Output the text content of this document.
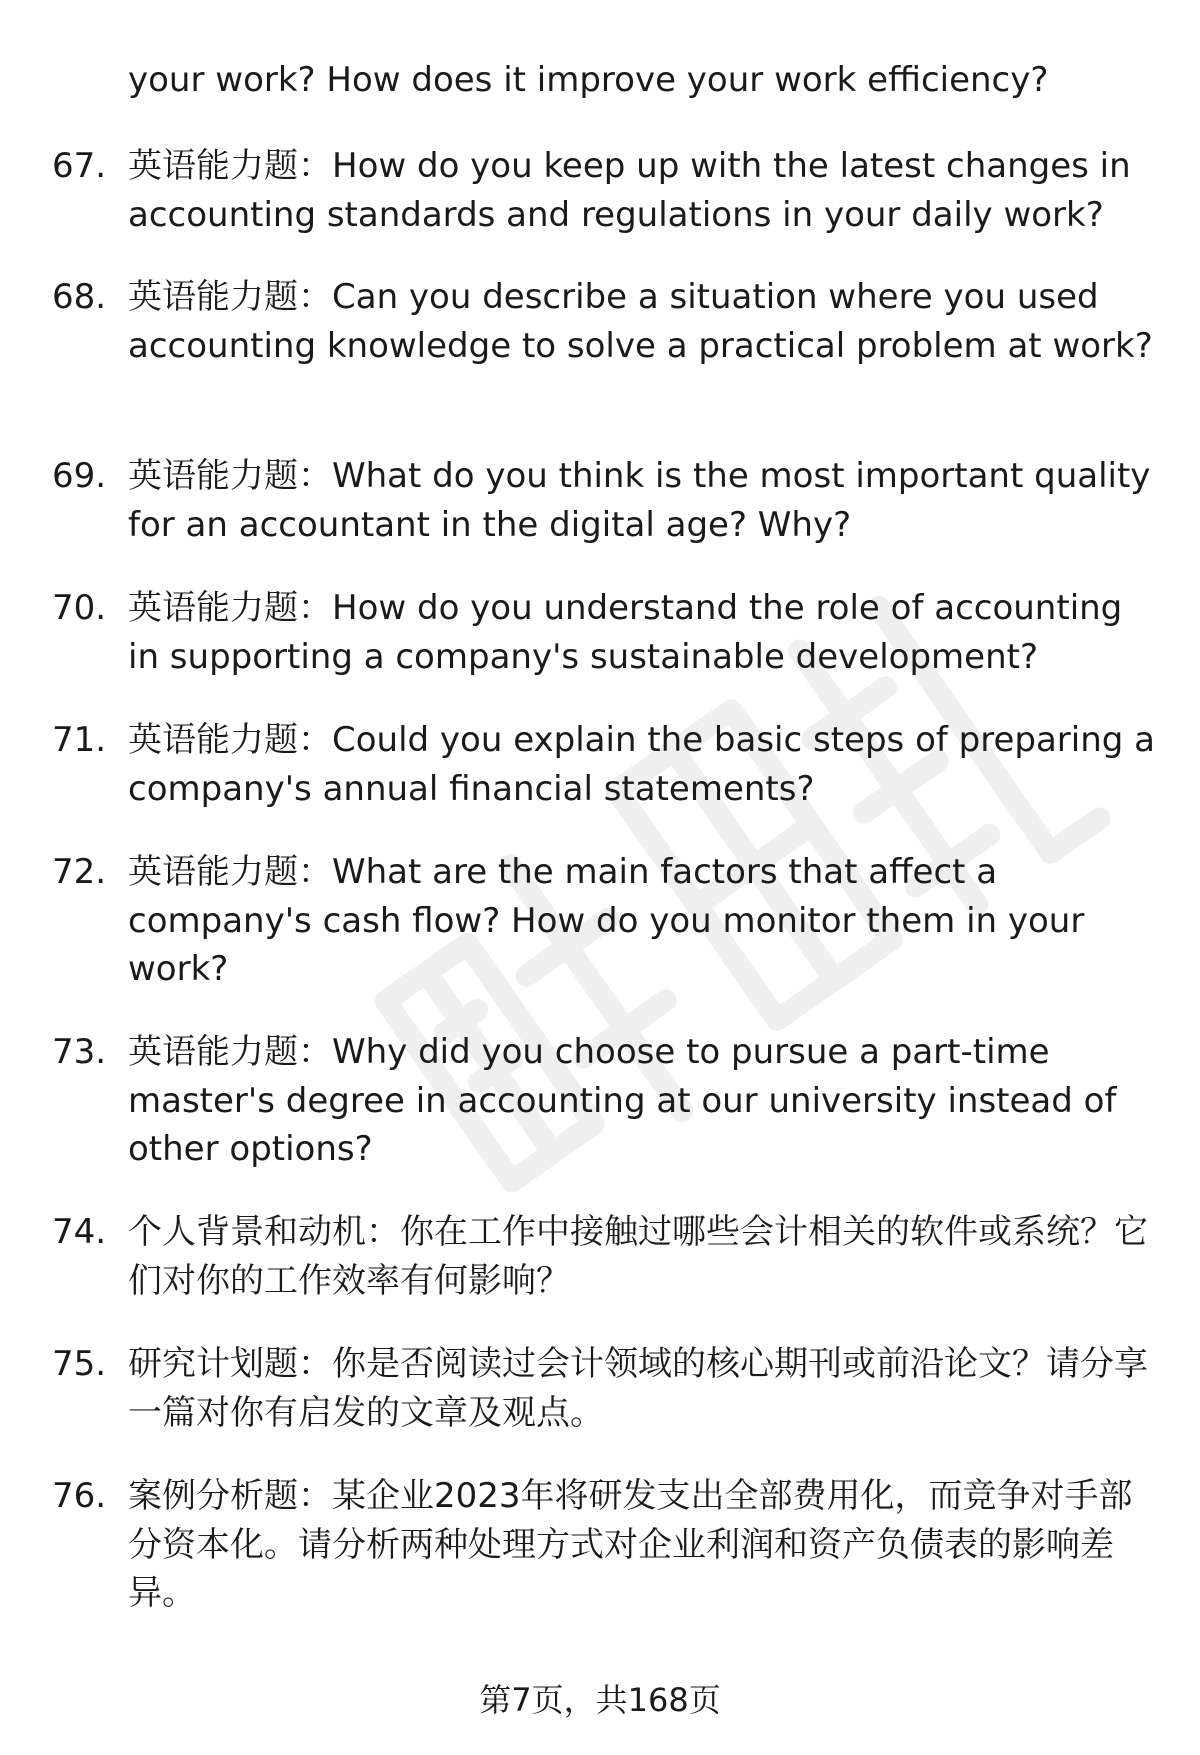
your work? How does it improve your work efficiency?
67. 英语能力题：How do you keep up with the latest changes in accounting standards and regulations in your daily work?
68. 英语能力题：Can you describe a situation where you used accounting knowledge to solve a practical problem at work?
69. 英语能力题：What do you think is the most important quality for an accountant in the digital age? Why?
70. 英语能力题：How do you understand the role of accounting in supporting a company's sustainable development?
71. 英语能力题：Could you explain the basic steps of preparing a company's annual financial statements?
72. 英语能力题：What are the main factors that affect a company's cash flow? How do you monitor them in your work?
73. 英语能力题：Why did you choose to pursue a part-time master's degree in accounting at our university instead of other options?
74. 个人背景和动机：你在工作中接触过哪些会计相关的软件或系统？它们对你的工作效率有何影响？
75. 研究计划题：你是否阅读过会计领域的核心期刊或前沿论文？请分享一篇对你有启发的文章及观点。
76. 案例分析题：某企业2023年将研发支出全部费用化，而竞争对手部分资本化。请分析两种处理方式对企业利润和资产负债表的影响差异。
第7页，共168页
